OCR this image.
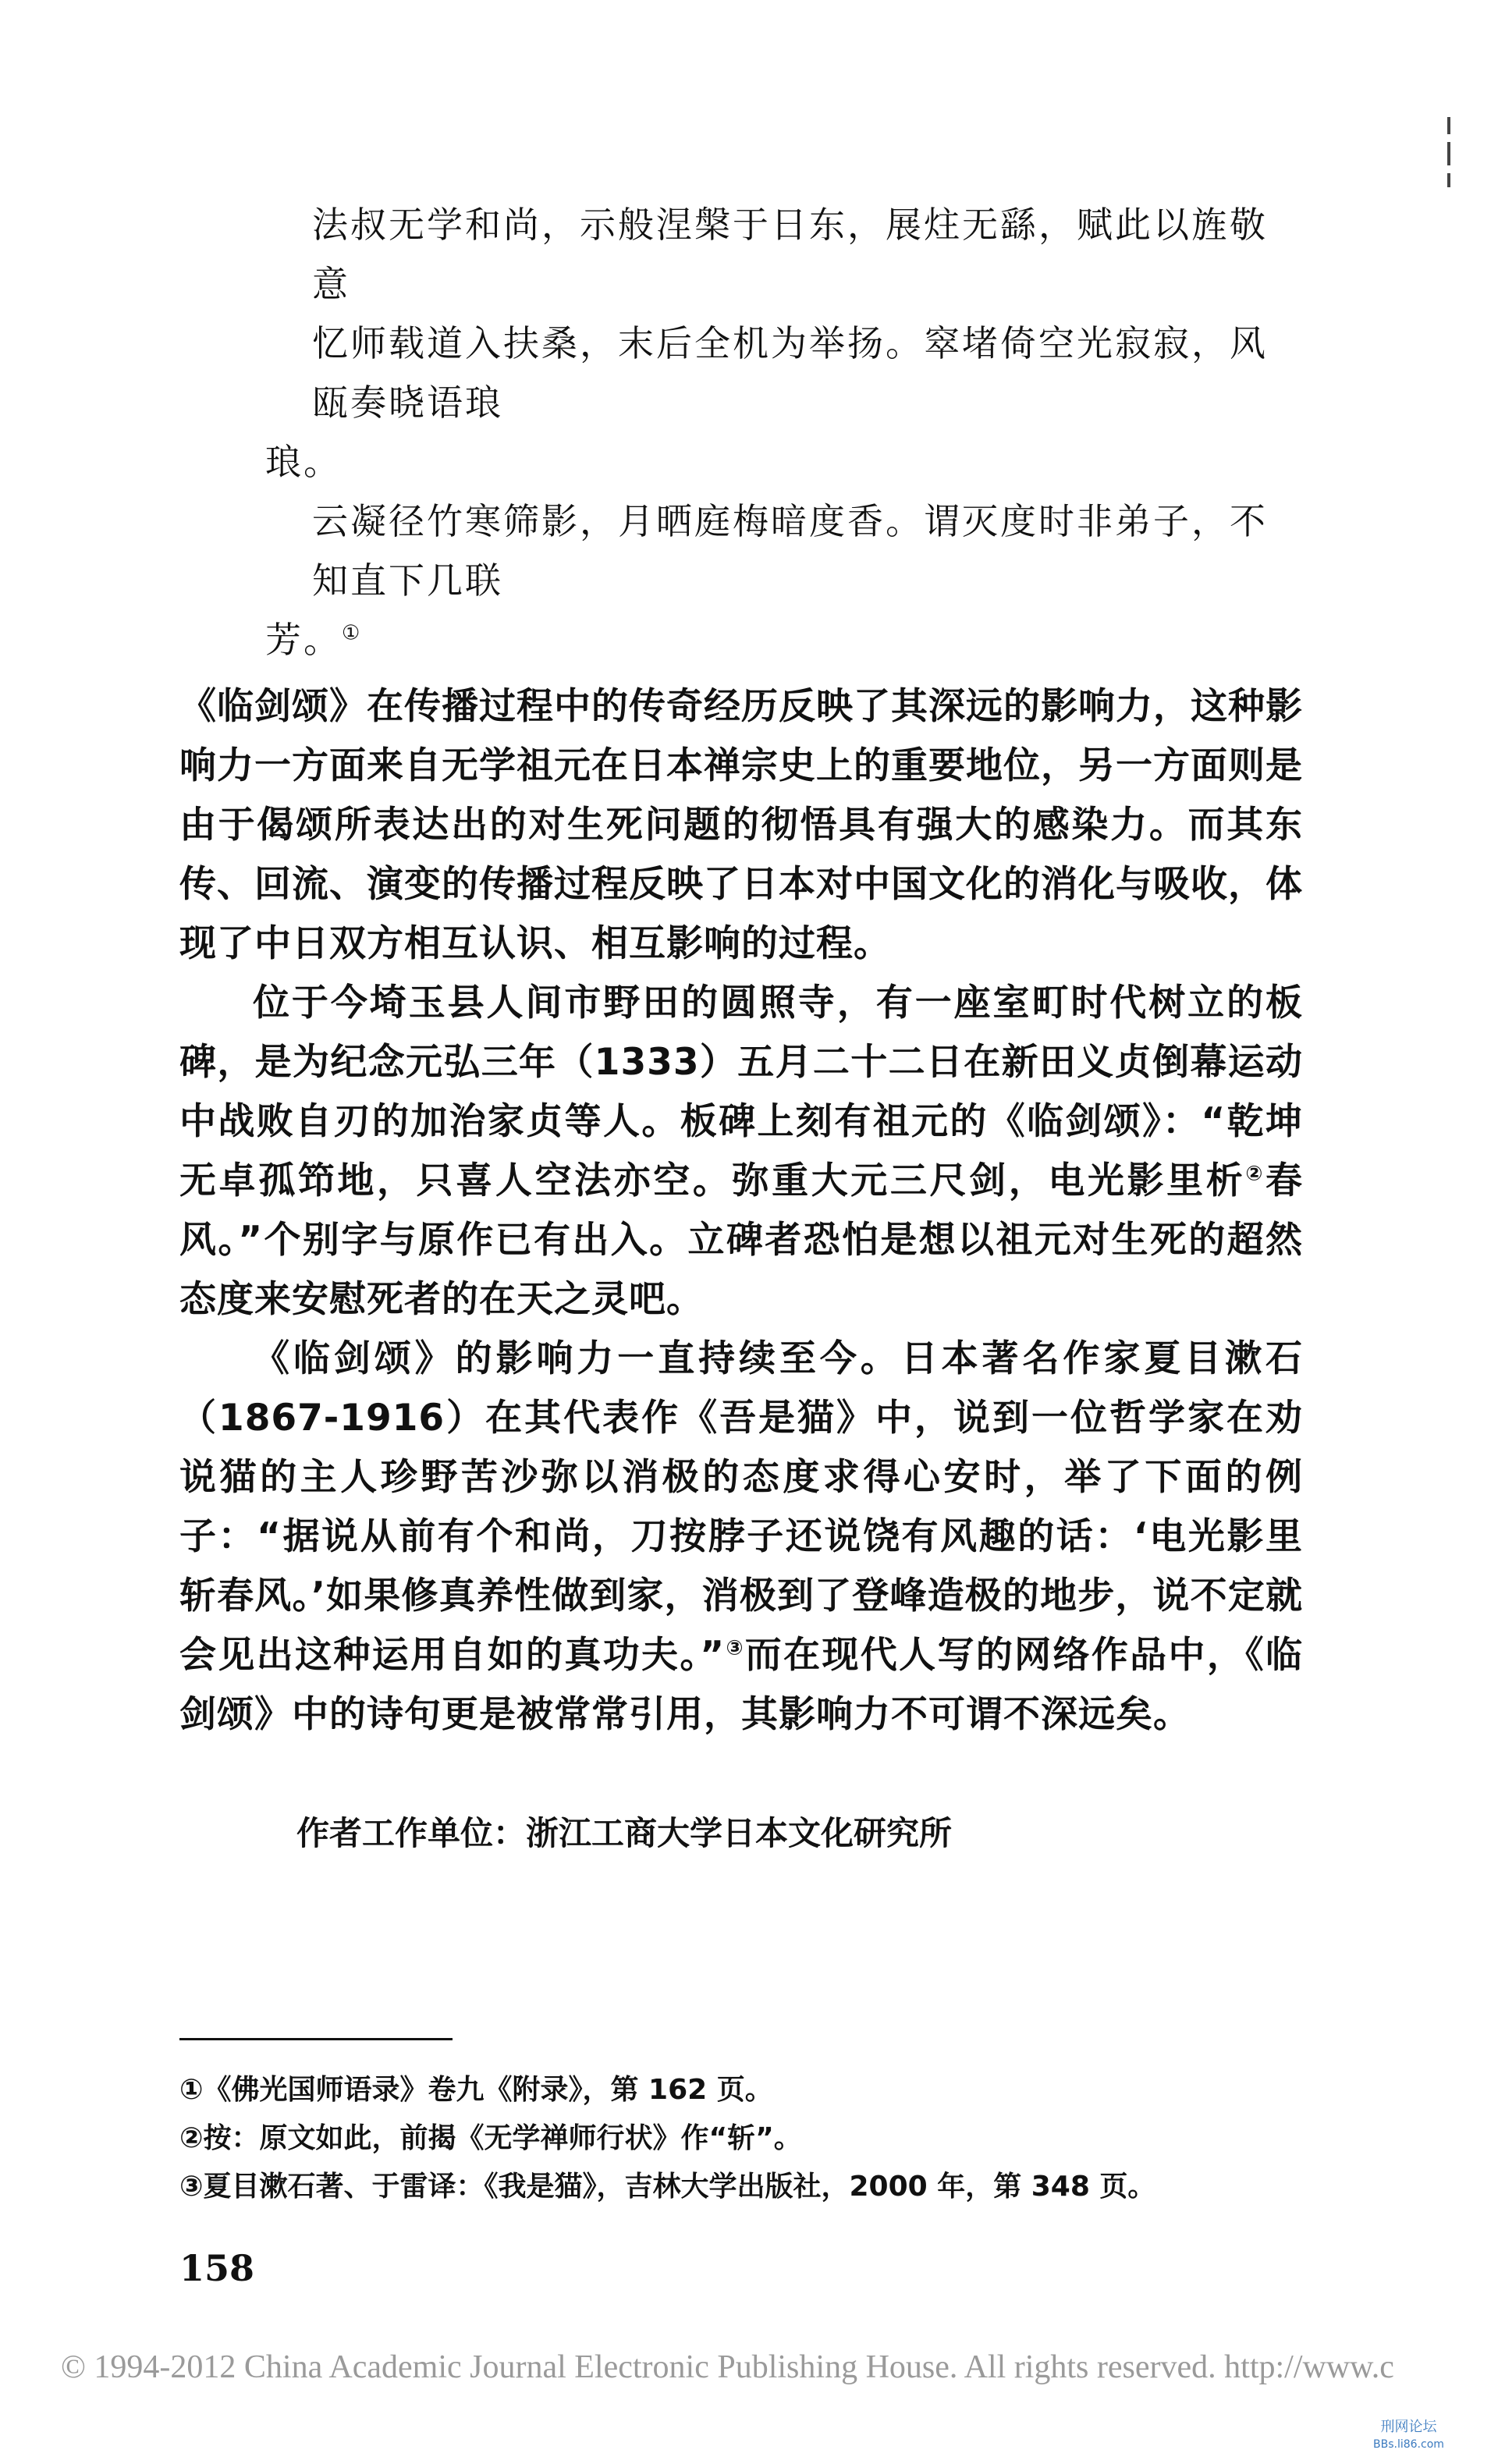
法叔无学和尚，示般涅槃于日东，展炷无繇，赋此以旌敬意

忆师载道入扶桑，末后全机为举扬。窣堵倚空光寂寂，风瓯奏晓语琅

琅。

云凝径竹寒筛影，月晒庭梅暗度香。谓灭度时非弟子，不知直下几联

芳。①

《临剑颂》在传播过程中的传奇经历反映了其深远的影响力，这种影响力一方面来自无学祖元在日本禅宗史上的重要地位，另一方面则是由于偈颂所表达出的对生死问题的彻悟具有强大的感染力。而其东传、回流、演变的传播过程反映了日本对中国文化的消化与吸收，体现了中日双方相互认识、相互影响的过程。

位于今埼玉县人间市野田的圆照寺，有一座室町时代树立的板碑，是为纪念元弘三年（1333）五月二十二日在新田义贞倒幕运动中战败自刃的加治家贞等人。板碑上刻有祖元的《临剑颂》：“乾坤无卓孤笻地，只喜人空法亦空。弥重大元三尺剑，电光影里析②春风。”个别字与原作已有出入。立碑者恐怕是想以祖元对生死的超然态度来安慰死者的在天之灵吧。

《临剑颂》的影响力一直持续至今。日本著名作家夏目漱石（1867-1916）在其代表作《吾是猫》中，说到一位哲学家在劝说猫的主人珍野苦沙弥以消极的态度求得心安时，举了下面的例子：“据说从前有个和尚，刀按脖子还说饶有风趣的话：‘电光影里斩春风。’如果修真养性做到家，消极到了登峰造极的地步，说不定就会见出这种运用自如的真功夫。”③而在现代人写的网络作品中，《临剑颂》中的诗句更是被常常引用，其影响力不可谓不深远矣。

作者工作单位：浙江工商大学日本文化研究所

①《佛光国师语录》卷九《附录》，第 162 页。

②按：原文如此，前揭《无学禅师行状》作“斩”。

③夏目漱石著、于雷译：《我是猫》，吉林大学出版社，2000 年，第 348 页。

158
© 1994-2012 China Academic Journal Electronic Publishing House. All rights reserved. http://www.c
刑网论坛
BBs.li86.com
